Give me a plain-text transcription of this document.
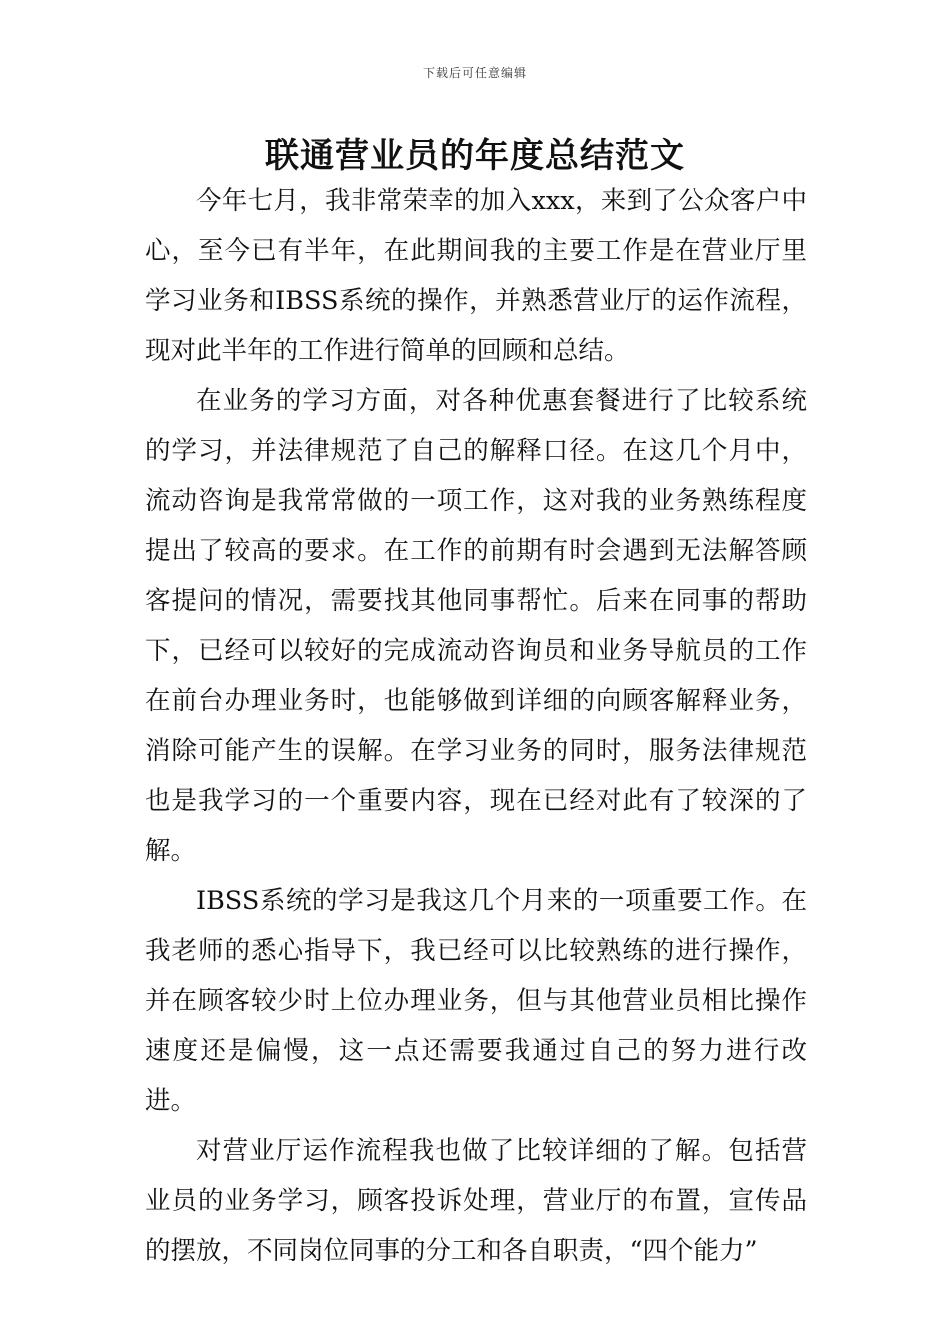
下载后可任意编辑
联通营业员的年度总结范文

今年七月，我非常荣幸的加入xxx，来到了公众客户中心，至今已有半年，在此期间我的主要工作是在营业厅里学习业务和IBSS系统的操作，并熟悉营业厅的运作流程，现对此半年的工作进行简单的回顾和总结。

在业务的学习方面，对各种优惠套餐进行了比较系统的学习，并法律规范了自己的解释口径。在这几个月中，流动咨询是我常常做的一项工作，这对我的业务熟练程度提出了较高的要求。在工作的前期有时会遇到无法解答顾客提问的情况，需要找其他同事帮忙。后来在同事的帮助下，已经可以较好的完成流动咨询员和业务导航员的工作在前台办理业务时，也能够做到详细的向顾客解释业务，消除可能产生的误解。在学习业务的同时，服务法律规范也是我学习的一个重要内容，现在已经对此有了较深的了解。

IBSS系统的学习是我这几个月来的一项重要工作。在我老师的悉心指导下，我已经可以比较熟练的进行操作，并在顾客较少时上位办理业务，但与其他营业员相比操作速度还是偏慢，这一点还需要我通过自己的努力进行改进。

对营业厅运作流程我也做了比较详细的了解。包括营业员的业务学习，顾客投诉处理，营业厅的布置，宣传品的摆放，不同岗位同事的分工和各自职责，“四个能力”
